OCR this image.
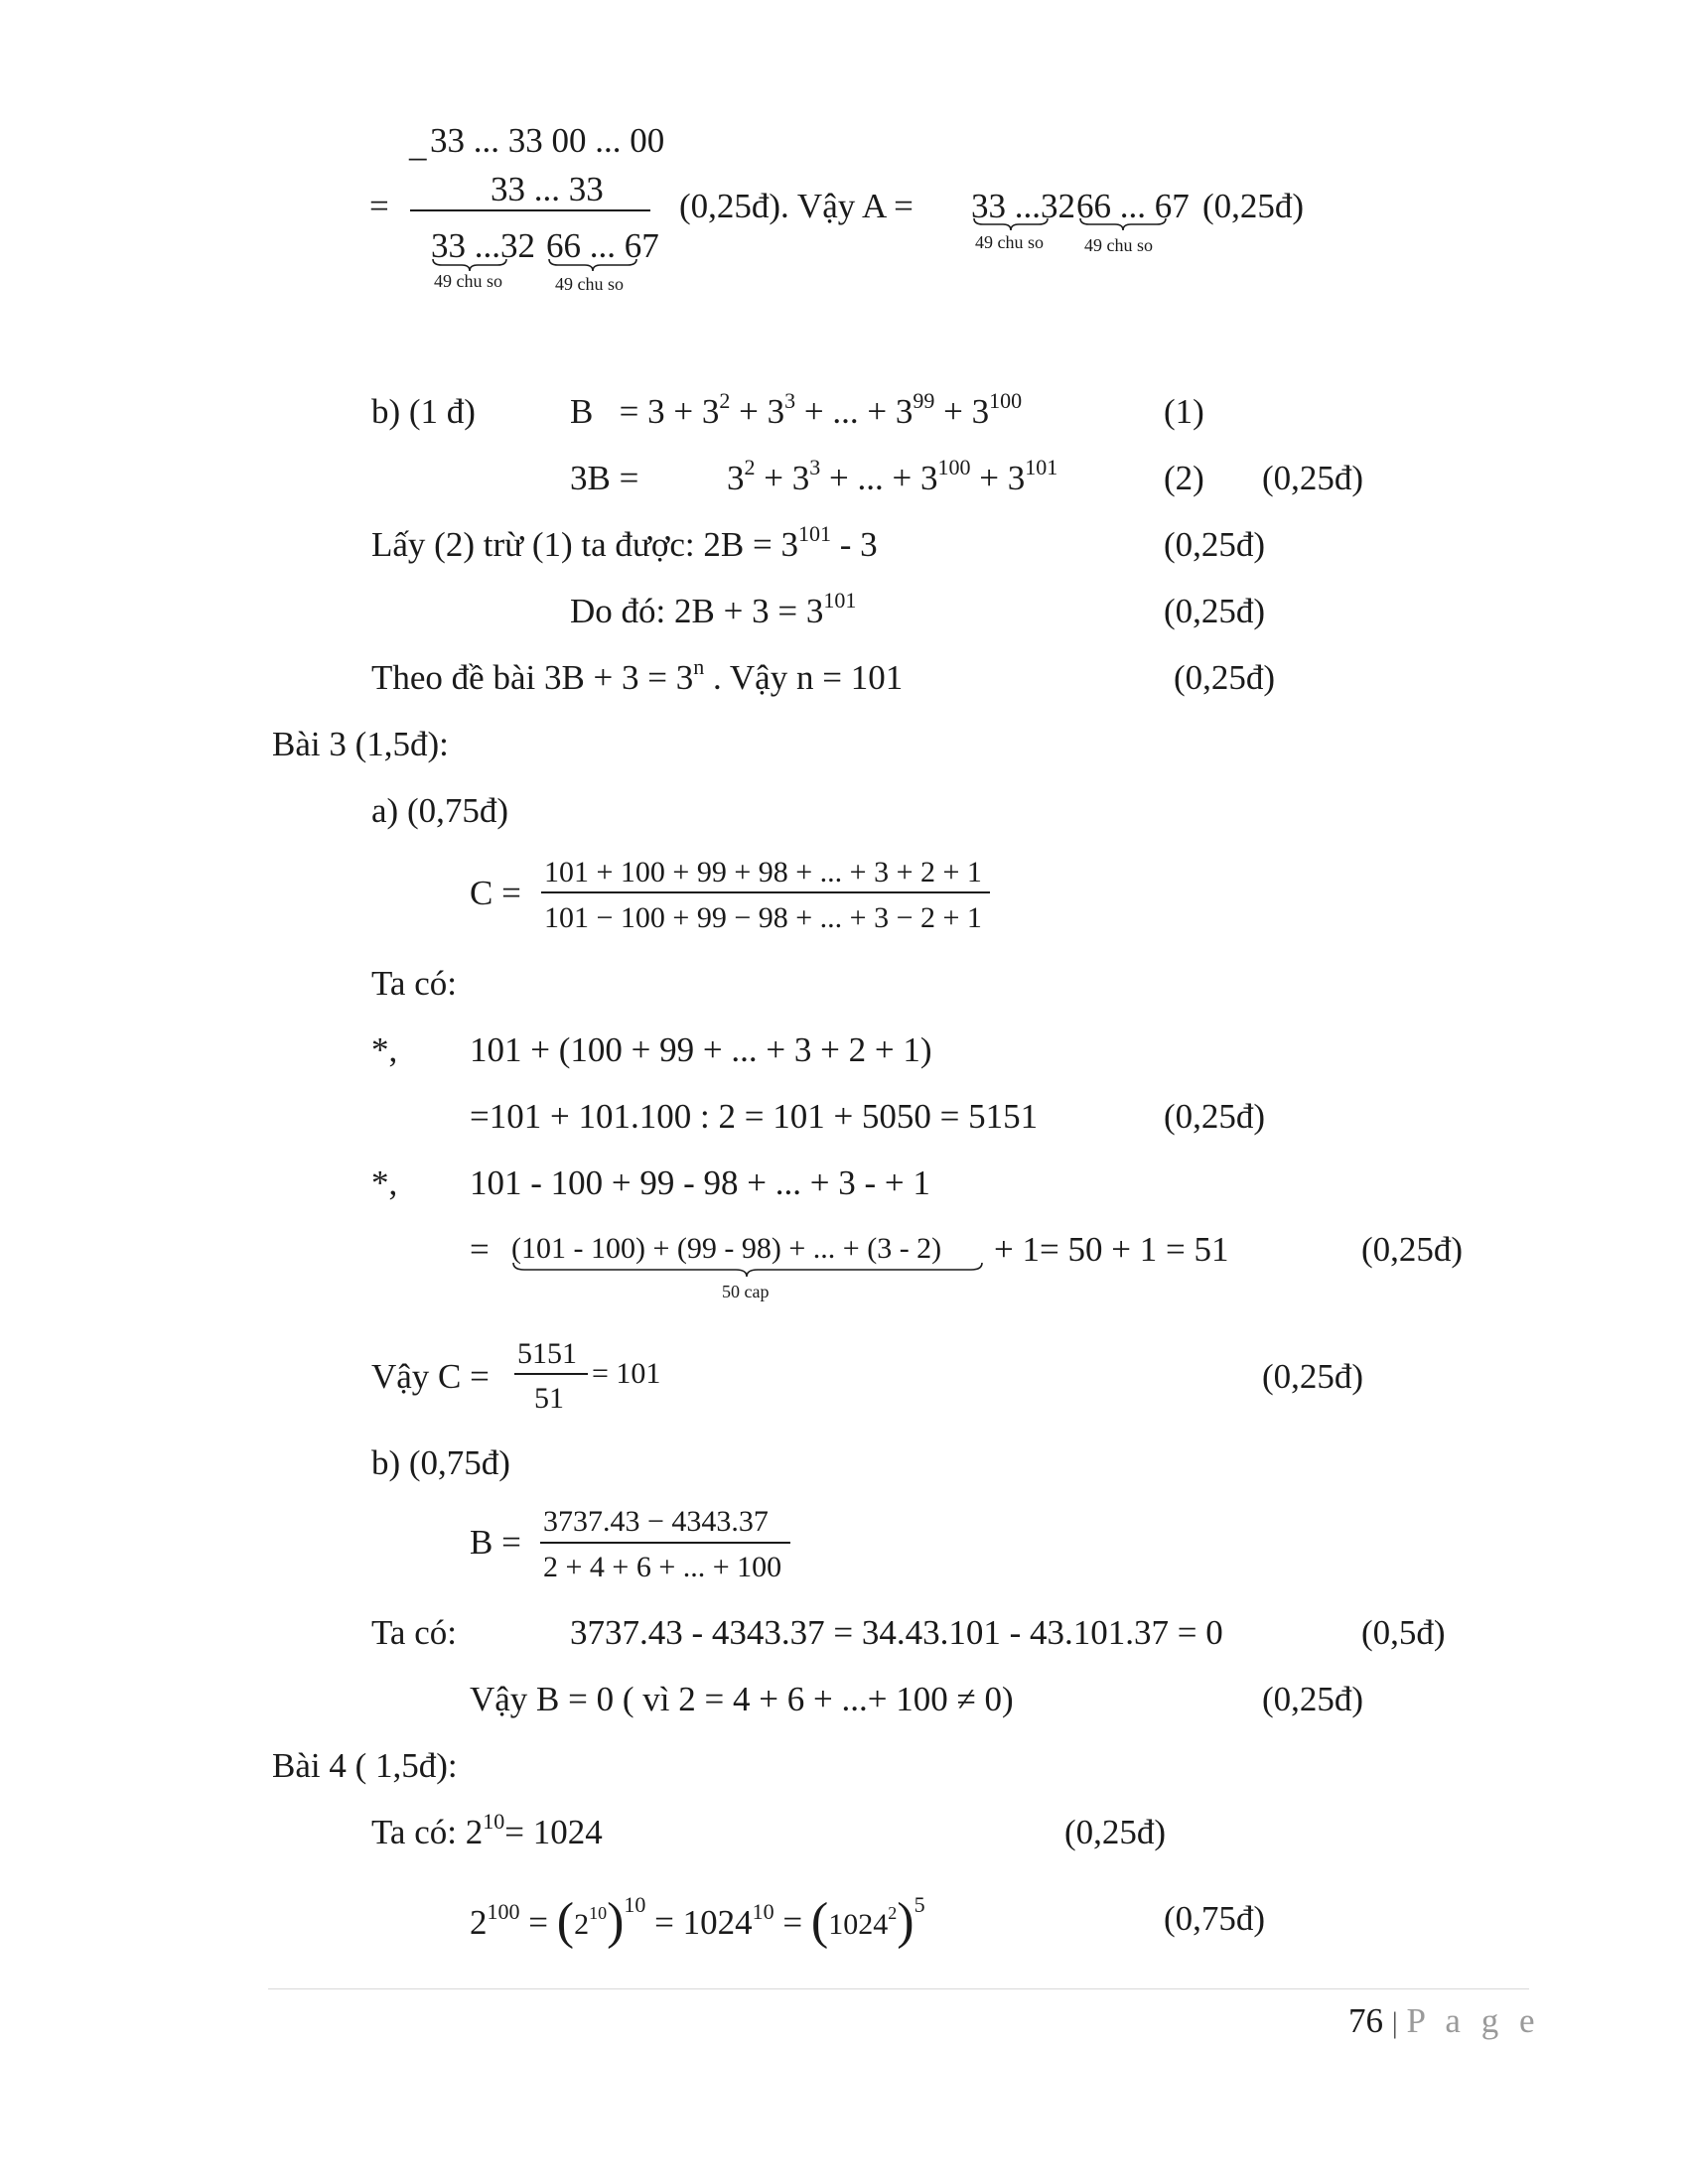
_ 33 ... 33 00 ... 00
=	33 ... 33
33 ...32 66 ... 67
49 chu so	49 chu so
(0,25đ). Vậy A = 33 ...32 66 ... 67
49 chu so 49 chu so
(0,25đ)
b) (1 đ)	$B = 3 + 3^2 + 3^3$ + ... + $3^{99} + 3^{100}$	(1)
3B =	$3^2 + 3^3$ + ... + $3^{100} + 3^{101}$	(2) (0,25đ)
Lấy (2) trừ (1) ta được: $2B = 3^{101} - 3$	(0,25đ)
Do đó: $2B + 3 = 3^{101}$	(0,25đ)
Theo đề bài $3B + 3 = 3^n$ . Vậy n = 101	(0,25đ)
Bài 3 (1,5đ):
a) (0,75đ)
C =
101 + 100 + 99 + 98 + ... + 3 + 2 + 1
101 − 100 + 99 − 98 + ... + 3 − 2 + 1
Ta có:
*, 101 + (100 + 99 + ... + 3 + 2 + 1)
=101 + 101.100 : 2 = 101 + 5050 = 5151	(0,25đ)
*, 101 - 100 + 99 - 98 + ... + 3 - + 1
= (101 - 100) + (99 - 98) + ... + (3 - 2)
50 cap
+ 1= 50 + 1 = 51	(0,25đ)
Vậy C =
5151
51
= 101	(0,25đ)
b) (0,75đ)
B =
3737.43 − 4343.37
2 + 4 + 6 + ... + 100
Ta có:	3737.43 - 4343.37 = 34.43.101 - 43.101.37 = 0	(0,5đ)
Vậy B = 0 ( vì 2 = 4 + 6 + ...+ 100 ≠ 0)	(0,25đ)
Bài 4 ( 1,5đ):
Ta có: $2^{10}= 1024$	(0,25đ)
$2^{100} = (2^{10})^{10} = 1024^{10} = (1024^2)^5$	(0,75đ)
76 | P a g e
